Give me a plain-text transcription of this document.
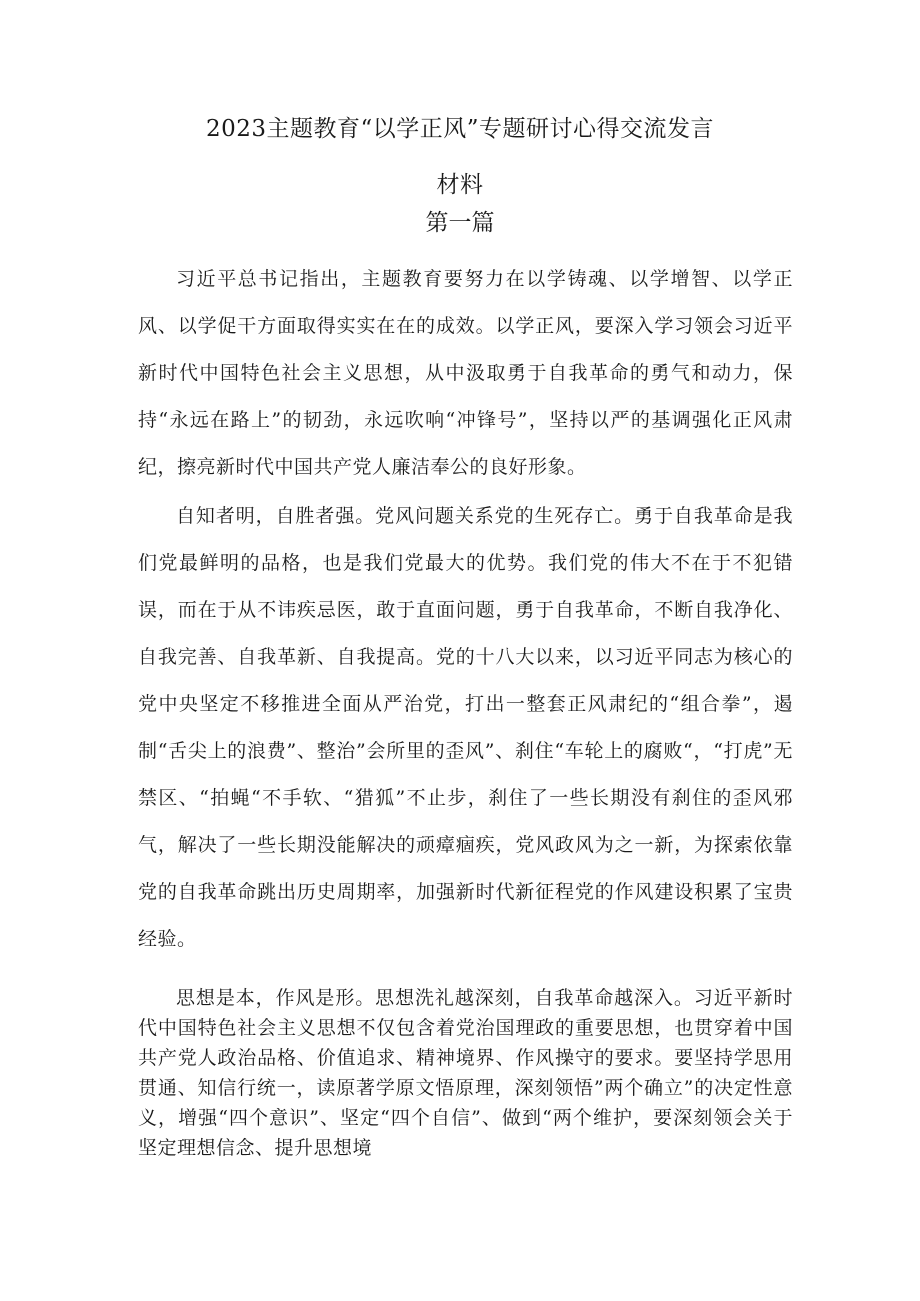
2023主题教育“以学正风”专题研讨心得交流发言
材料
第一篇

习近平总书记指出，主题教育要努力在以学铸魂、以学增智、以学正风、以学促干方面取得实实在在的成效。以学正风，要深入学习领会习近平新时代中国特色社会主义思想，从中汲取勇于自我革命的勇气和动力，保持“永远在路上”的韧劲，永远吹响“冲锋号”，坚持以严的基调强化正风肃纪，擦亮新时代中国共产党人廉洁奉公的良好形象。

自知者明，自胜者强。党风问题关系党的生死存亡。勇于自我革命是我们党最鲜明的品格，也是我们党最大的优势。我们党的伟大不在于不犯错误，而在于从不讳疾忌医，敢于直面问题，勇于自我革命，不断自我净化、自我完善、自我革新、自我提高。党的十八大以来，以习近平同志为核心的党中央坚定不移推进全面从严治党，打出一整套正风肃纪的“组合拳”，遏制“舌尖上的浪费”、整治”会所里的歪风”、刹住“车轮上的腐败“，“打虎”无禁区、“拍蝇“不手软、“猎狐”不止步，刹住了一些长期没有刹住的歪风邪气，解决了一些长期没能解决的顽瘴痼疾，党风政风为之一新，为探索依靠党的自我革命跳出历史周期率，加强新时代新征程党的作风建设积累了宝贵经验。

思想是本，作风是形。思想洗礼越深刻，自我革命越深入。习近平新时代中国特色社会主义思想不仅包含着党治国理政的重要思想，也贯穿着中国共产党人政治品格、价值追求、精神境界、作风操守的要求。要坚持学思用贯通、知信行统一，读原著学原文悟原理，深刻领悟”两个确立”的决定性意义，增强“四个意识”、坚定“四个自信”、做到“两个维护，要深刻领会关于坚定理想信念、提升思想境
